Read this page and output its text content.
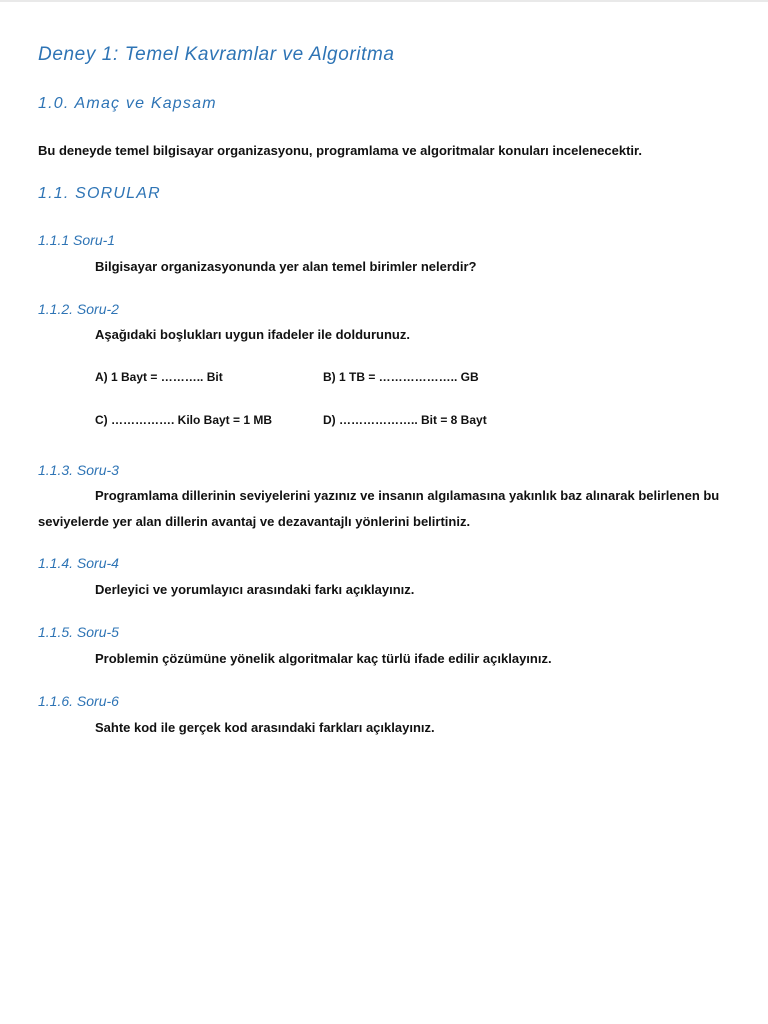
Deney 1: Temel Kavramlar ve Algoritma
1.0. Amaç ve Kapsam
Bu deneyde temel bilgisayar organizasyonu, programlama ve algoritmalar konuları incelenecektir.
1.1. SORULAR
1.1.1 Soru-1
Bilgisayar organizasyonunda yer alan temel birimler nelerdir?
1.1.2. Soru-2
Aşağıdaki boşlukları uygun ifadeler ile doldurunuz.
A) 1 Bayt = ……….. Bit	B) 1 TB = ……………….. GB
C) ……………. Kilo Bayt = 1 MB	D) ……………….. Bit = 8 Bayt
1.1.3. Soru-3
Programlama dillerinin seviyelerini yazınız ve insanın algılamasına yakınlık baz alınarak belirlenen bu seviyelerde yer alan dillerin avantaj ve dezavantajlı yönlerini belirtiniz.
1.1.4. Soru-4
Derleyici ve yorumlayıcı arasındaki farkı açıklayınız.
1.1.5. Soru-5
Problemin çözümüne yönelik algoritmalar kaç türlü ifade edilir açıklayınız.
1.1.6. Soru-6
Sahte kod ile gerçek kod arasındaki farkları açıklayınız.
